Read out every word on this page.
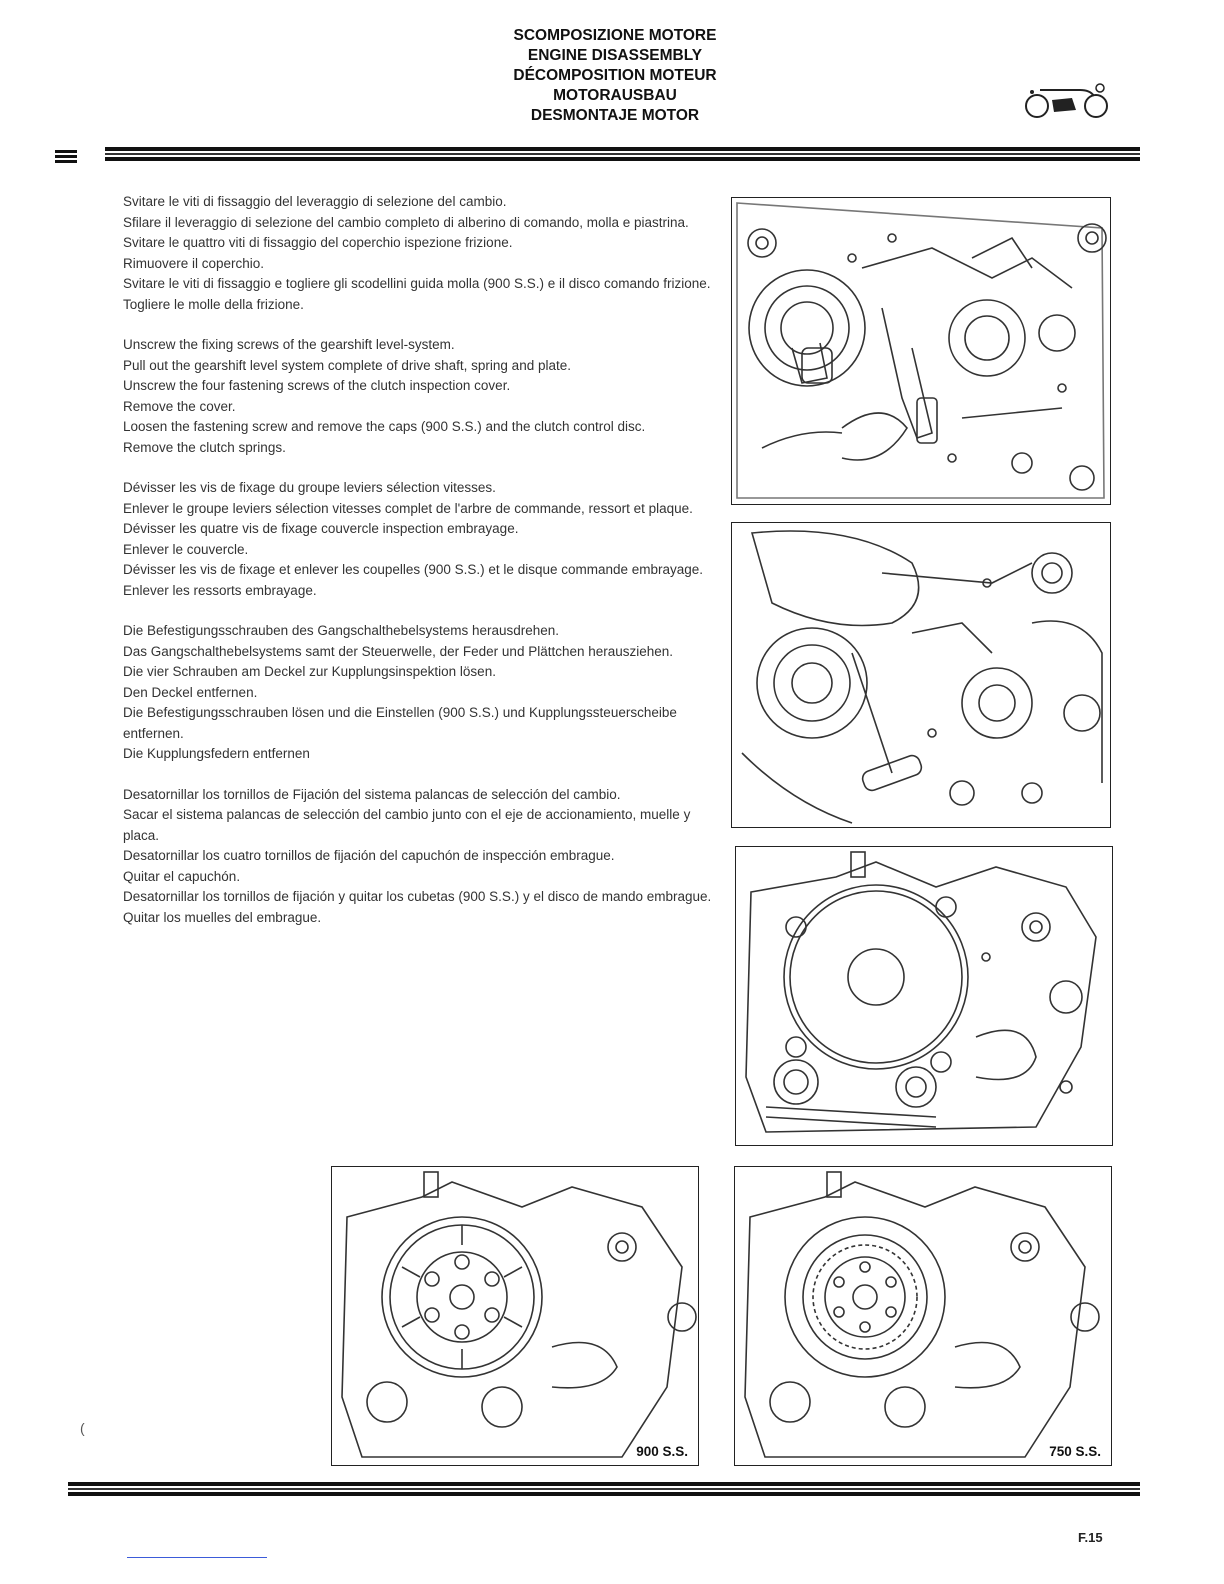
SCOMPOSIZIONE MOTORE
ENGINE DISASSEMBLY
DÉCOMPOSITION MOTEUR
MOTORAUSBAU
DESMONTAJE MOTOR

Svitare le viti di fissaggio del leveraggio di selezione del cambio.

Sfilare il leveraggio di selezione del cambio completo di alberino di comando, molla e piastrina.

Svitare le quattro viti di fissaggio del coperchio ispezione frizione.

Rimuovere il coperchio.

Svitare le viti di fissaggio e togliere gli scodellini guida molla (900 S.S.) e il disco comando frizione.

Togliere le molle della frizione.

Unscrew the fixing screws of the gearshift level-system.

Pull out the gearshift level system complete of drive shaft, spring and plate.

Unscrew the four fastening screws of the clutch inspection cover.

Remove the cover.

Loosen the fastening screw and remove the caps (900 S.S.) and the clutch control disc.

Remove the clutch springs.

Dévisser les vis de fixage du groupe leviers sélection vitesses.

Enlever le groupe leviers sélection vitesses complet de l'arbre de commande, ressort et plaque.

Dévisser les quatre vis de fixage couvercle inspection embrayage.

Enlever le couvercle.

Dévisser les vis de fixage et enlever les coupelles (900 S.S.) et le disque commande embrayage. Enlever les ressorts embrayage.

Die Befestigungsschrauben des Gangschalthebelsystems herausdrehen.

Das Gangschalthebelsystems samt der Steuerwelle, der Feder und Plättchen herausziehen.

Die vier Schrauben am Deckel zur Kupplungsinspektion lösen.

Den Deckel entfernen.

Die Befestigungsschrauben lösen und die Einstellen (900 S.S.) und Kupplungssteuerscheibe entfernen.

Die Kupplungsfedern entfernen

Desatornillar los tornillos de Fijación del sistema palancas de selección del cambio.

Sacar el sistema palancas de selección del cambio junto con el eje de accionamiento, muelle y placa.

Desatornillar los cuatro tornillos de fijación del capuchón de inspección embrague.

Quitar el capuchón.

Desatornillar los tornillos de fijación y quitar los cubetas (900 S.S.) y el disco de mando embrague.

Quitar los muelles del embrague.

900 S.S.	750 S.S.
(
F.15
